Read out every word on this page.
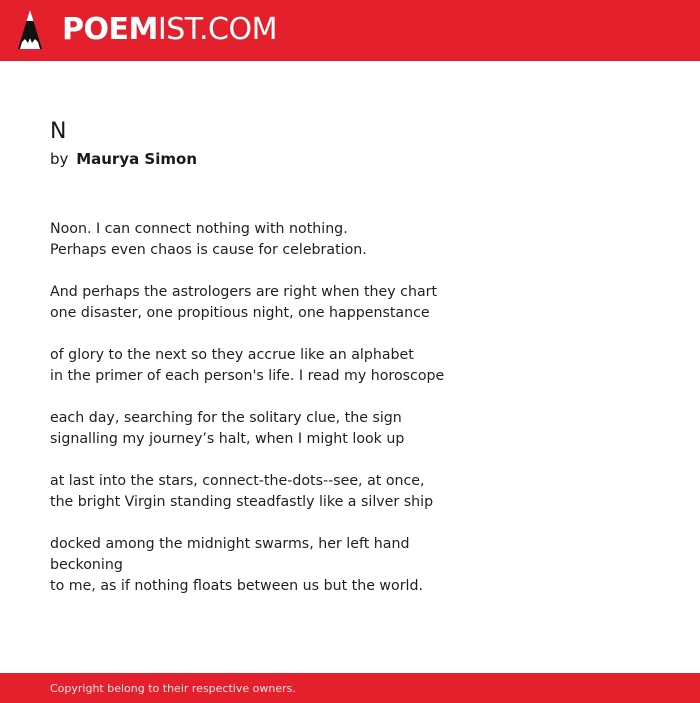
POEMIST.COM
N
by Maurya Simon

Noon. I can connect nothing with nothing.
Perhaps even chaos is cause for celebration.

And perhaps the astrologers are right when they chart
one disaster, one propitious night, one happenstance

of glory to the next so they accrue like an alphabet
in the primer of each person's life. I read my horoscope

each day, searching for the solitary clue, the sign
signalling my journey’s halt, when I might look up

at last into the stars, connect-the-dots--see, at once,
the bright Virgin standing steadfastly like a silver ship

docked among the midnight swarms, her left hand beckoning
to me, as if nothing floats between us but the world.

Copyright belong to their respective owners.
